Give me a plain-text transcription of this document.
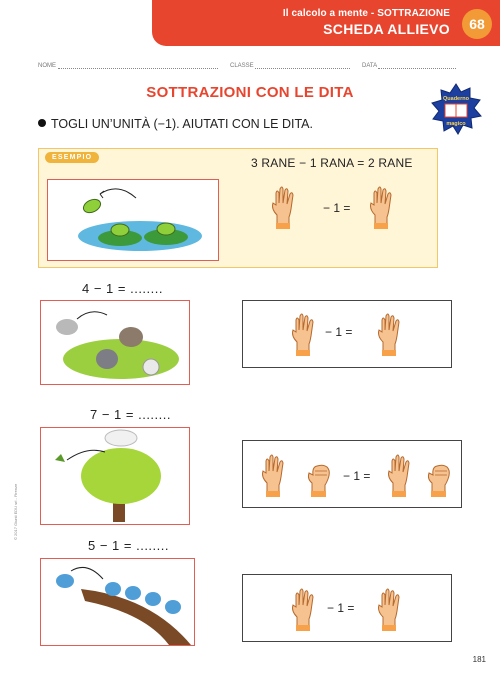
Il calcolo a mente - SOTTRAZIONE
SCHEDA ALLIEVO	68
NOME	CLASSE	DATA
SOTTRAZIONI CON LE DITA	Quaderno
magico
TOGLI UN’UNITÀ (−1). AIUTATI CON LE DITA.
ESEMPIO	3 RANE − 1 RANA = 2 RANE
− 1 =
4 − 1 = ........
− 1 =
7 − 1 = ........
− 1 =
5 − 1 = ........
− 1 =
© 2017 Giunti EDU srl - Firenze
181
